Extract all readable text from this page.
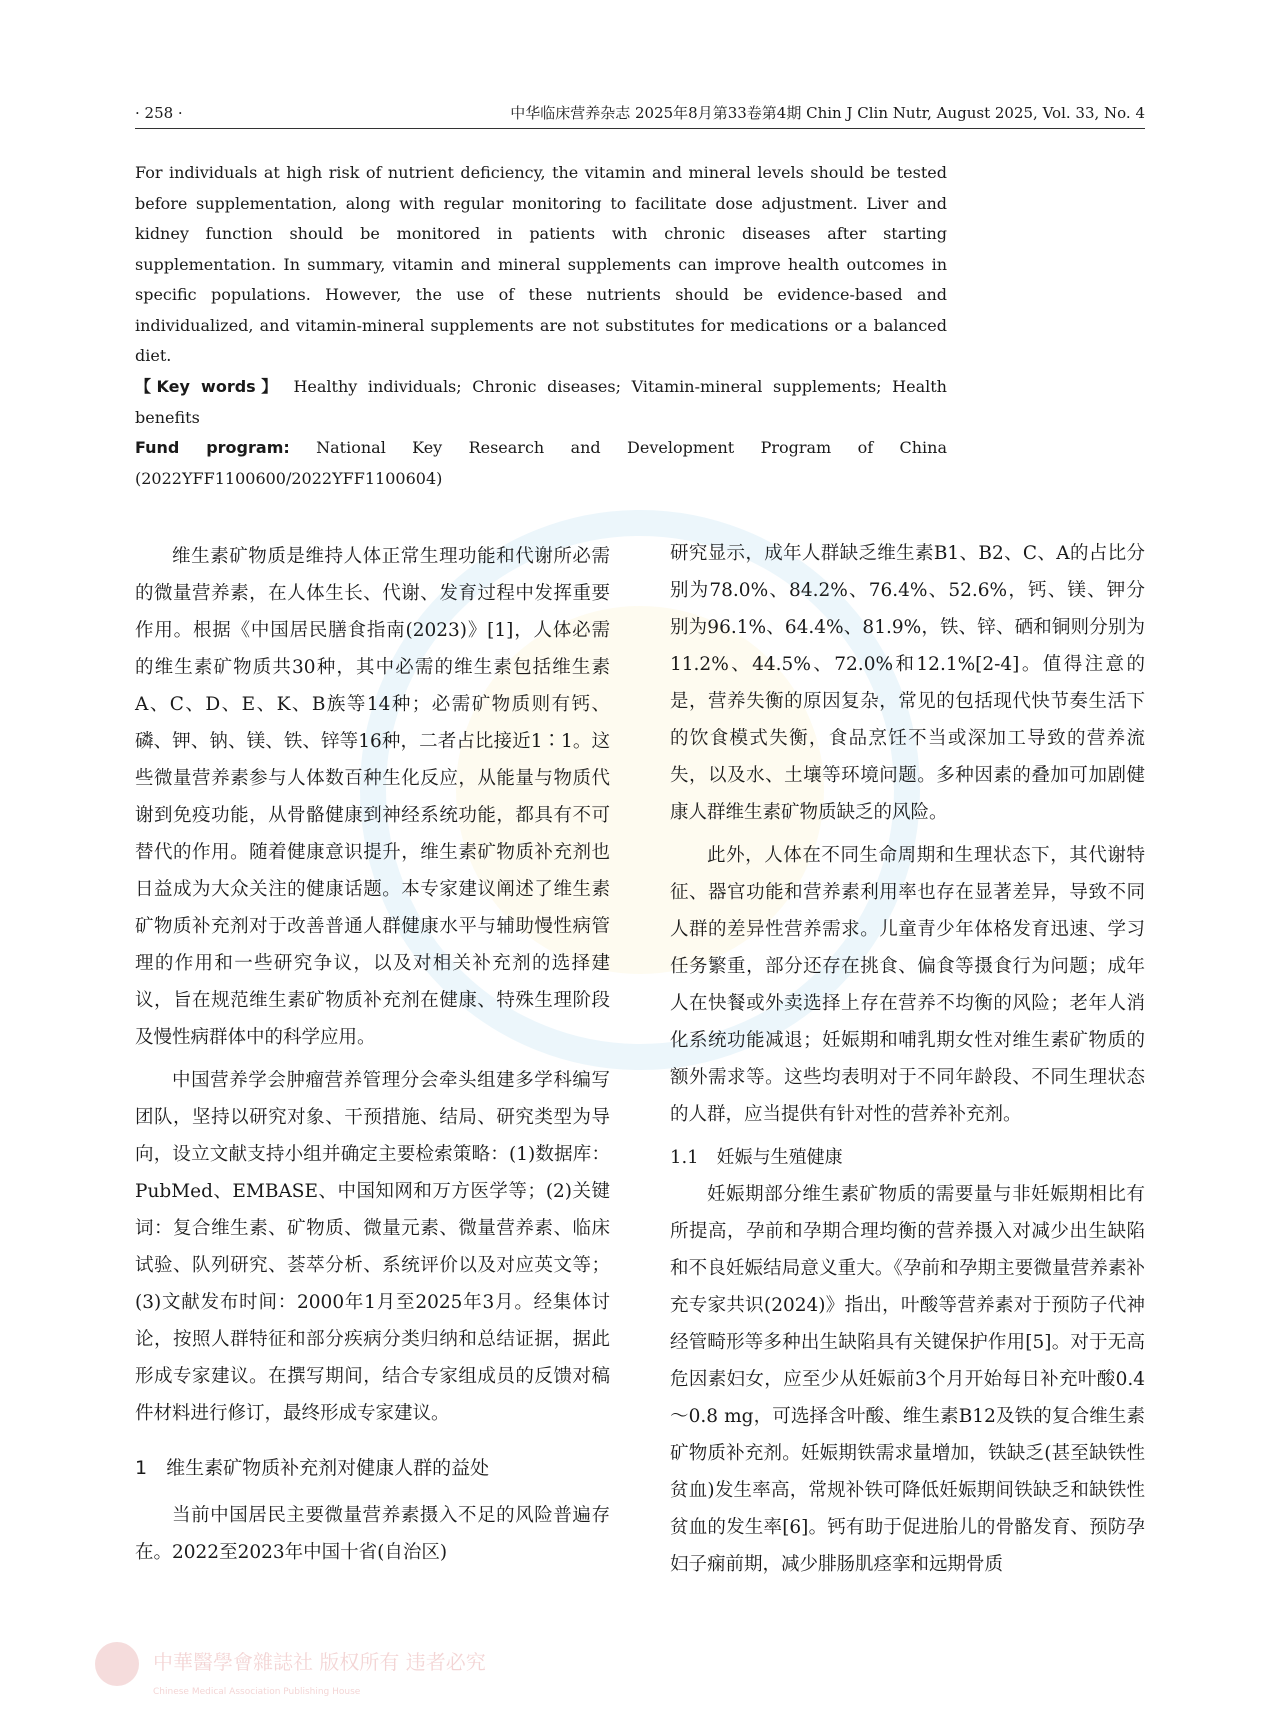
· 258 ·	中华临床营养杂志 2025年8月第33卷第4期 Chin J Clin Nutr, August 2025, Vol. 33, No. 4

For individuals at high risk of nutrient deficiency, the vitamin and mineral levels should be tested before supplementation, along with regular monitoring to facilitate dose adjustment. Liver and kidney function should be monitored in patients with chronic diseases after starting supplementation. In summary, vitamin and mineral supplements can improve health outcomes in specific populations. However, the use of these nutrients should be evidence-based and individualized, and vitamin-mineral supplements are not substitutes for medications or a balanced diet.

【Key words】 Healthy individuals; Chronic diseases; Vitamin-mineral supplements; Health benefits

Fund program: National Key Research and Development Program of China (2022YFF1100600/2022YFF1100604)

维生素矿物质是维持人体正常生理功能和代谢所必需的微量营养素，在人体生长、代谢、发育过程中发挥重要作用。根据《中国居民膳食指南(2023)》[1]，人体必需的维生素矿物质共30种，其中必需的维生素包括维生素A、C、D、E、K、B族等14种；必需矿物质则有钙、磷、钾、钠、镁、铁、锌等16种，二者占比接近1∶1。这些微量营养素参与人体数百种生化反应，从能量与物质代谢到免疫功能，从骨骼健康到神经系统功能，都具有不可替代的作用。随着健康意识提升，维生素矿物质补充剂也日益成为大众关注的健康话题。本专家建议阐述了维生素矿物质补充剂对于改善普通人群健康水平与辅助慢性病管理的作用和一些研究争议，以及对相关补充剂的选择建议，旨在规范维生素矿物质补充剂在健康、特殊生理阶段及慢性病群体中的科学应用。

中国营养学会肿瘤营养管理分会牵头组建多学科编写团队，坚持以研究对象、干预措施、结局、研究类型为导向，设立文献支持小组并确定主要检索策略：(1)数据库：PubMed、EMBASE、中国知网和万方医学等；(2)关键词：复合维生素、矿物质、微量元素、微量营养素、临床试验、队列研究、荟萃分析、系统评价以及对应英文等；(3)文献发布时间：2000年1月至2025年3月。经集体讨论，按照人群特征和部分疾病分类归纳和总结证据，据此形成专家建议。在撰写期间，结合专家组成员的反馈对稿件材料进行修订，最终形成专家建议。

1　维生素矿物质补充剂对健康人群的益处

当前中国居民主要微量营养素摄入不足的风险普遍存在。2022至2023年中国十省(自治区)

研究显示，成年人群缺乏维生素B1、B2、C、A的占比分别为78.0%、84.2%、76.4%、52.6%，钙、镁、钾分别为96.1%、64.4%、81.9%，铁、锌、硒和铜则分别为11.2%、44.5%、72.0%和12.1%[2-4]。值得注意的是，营养失衡的原因复杂，常见的包括现代快节奏生活下的饮食模式失衡，食品烹饪不当或深加工导致的营养流失，以及水、土壤等环境问题。多种因素的叠加可加剧健康人群维生素矿物质缺乏的风险。

此外，人体在不同生命周期和生理状态下，其代谢特征、器官功能和营养素利用率也存在显著差异，导致不同人群的差异性营养需求。儿童青少年体格发育迅速、学习任务繁重，部分还存在挑食、偏食等摄食行为问题；成年人在快餐或外卖选择上存在营养不均衡的风险；老年人消化系统功能减退；妊娠期和哺乳期女性对维生素矿物质的额外需求等。这些均表明对于不同年龄段、不同生理状态的人群，应当提供有针对性的营养补充剂。

1.1　妊娠与生殖健康

妊娠期部分维生素矿物质的需要量与非妊娠期相比有所提高，孕前和孕期合理均衡的营养摄入对减少出生缺陷和不良妊娠结局意义重大。《孕前和孕期主要微量营养素补充专家共识(2024)》指出，叶酸等营养素对于预防子代神经管畸形等多种出生缺陷具有关键保护作用[5]。对于无高危因素妇女，应至少从妊娠前3个月开始每日补充叶酸0.4～0.8 mg，可选择含叶酸、维生素B12及铁的复合维生素矿物质补充剂。妊娠期铁需求量增加，铁缺乏(甚至缺铁性贫血)发生率高，常规补铁可降低妊娠期间铁缺乏和缺铁性贫血的发生率[6]。钙有助于促进胎儿的骨骼发育、预防孕妇子痫前期，减少腓肠肌痉挛和远期骨质

中華醫學會雜誌社 版权所有 违者必究
Chinese Medical Association Publishing House
